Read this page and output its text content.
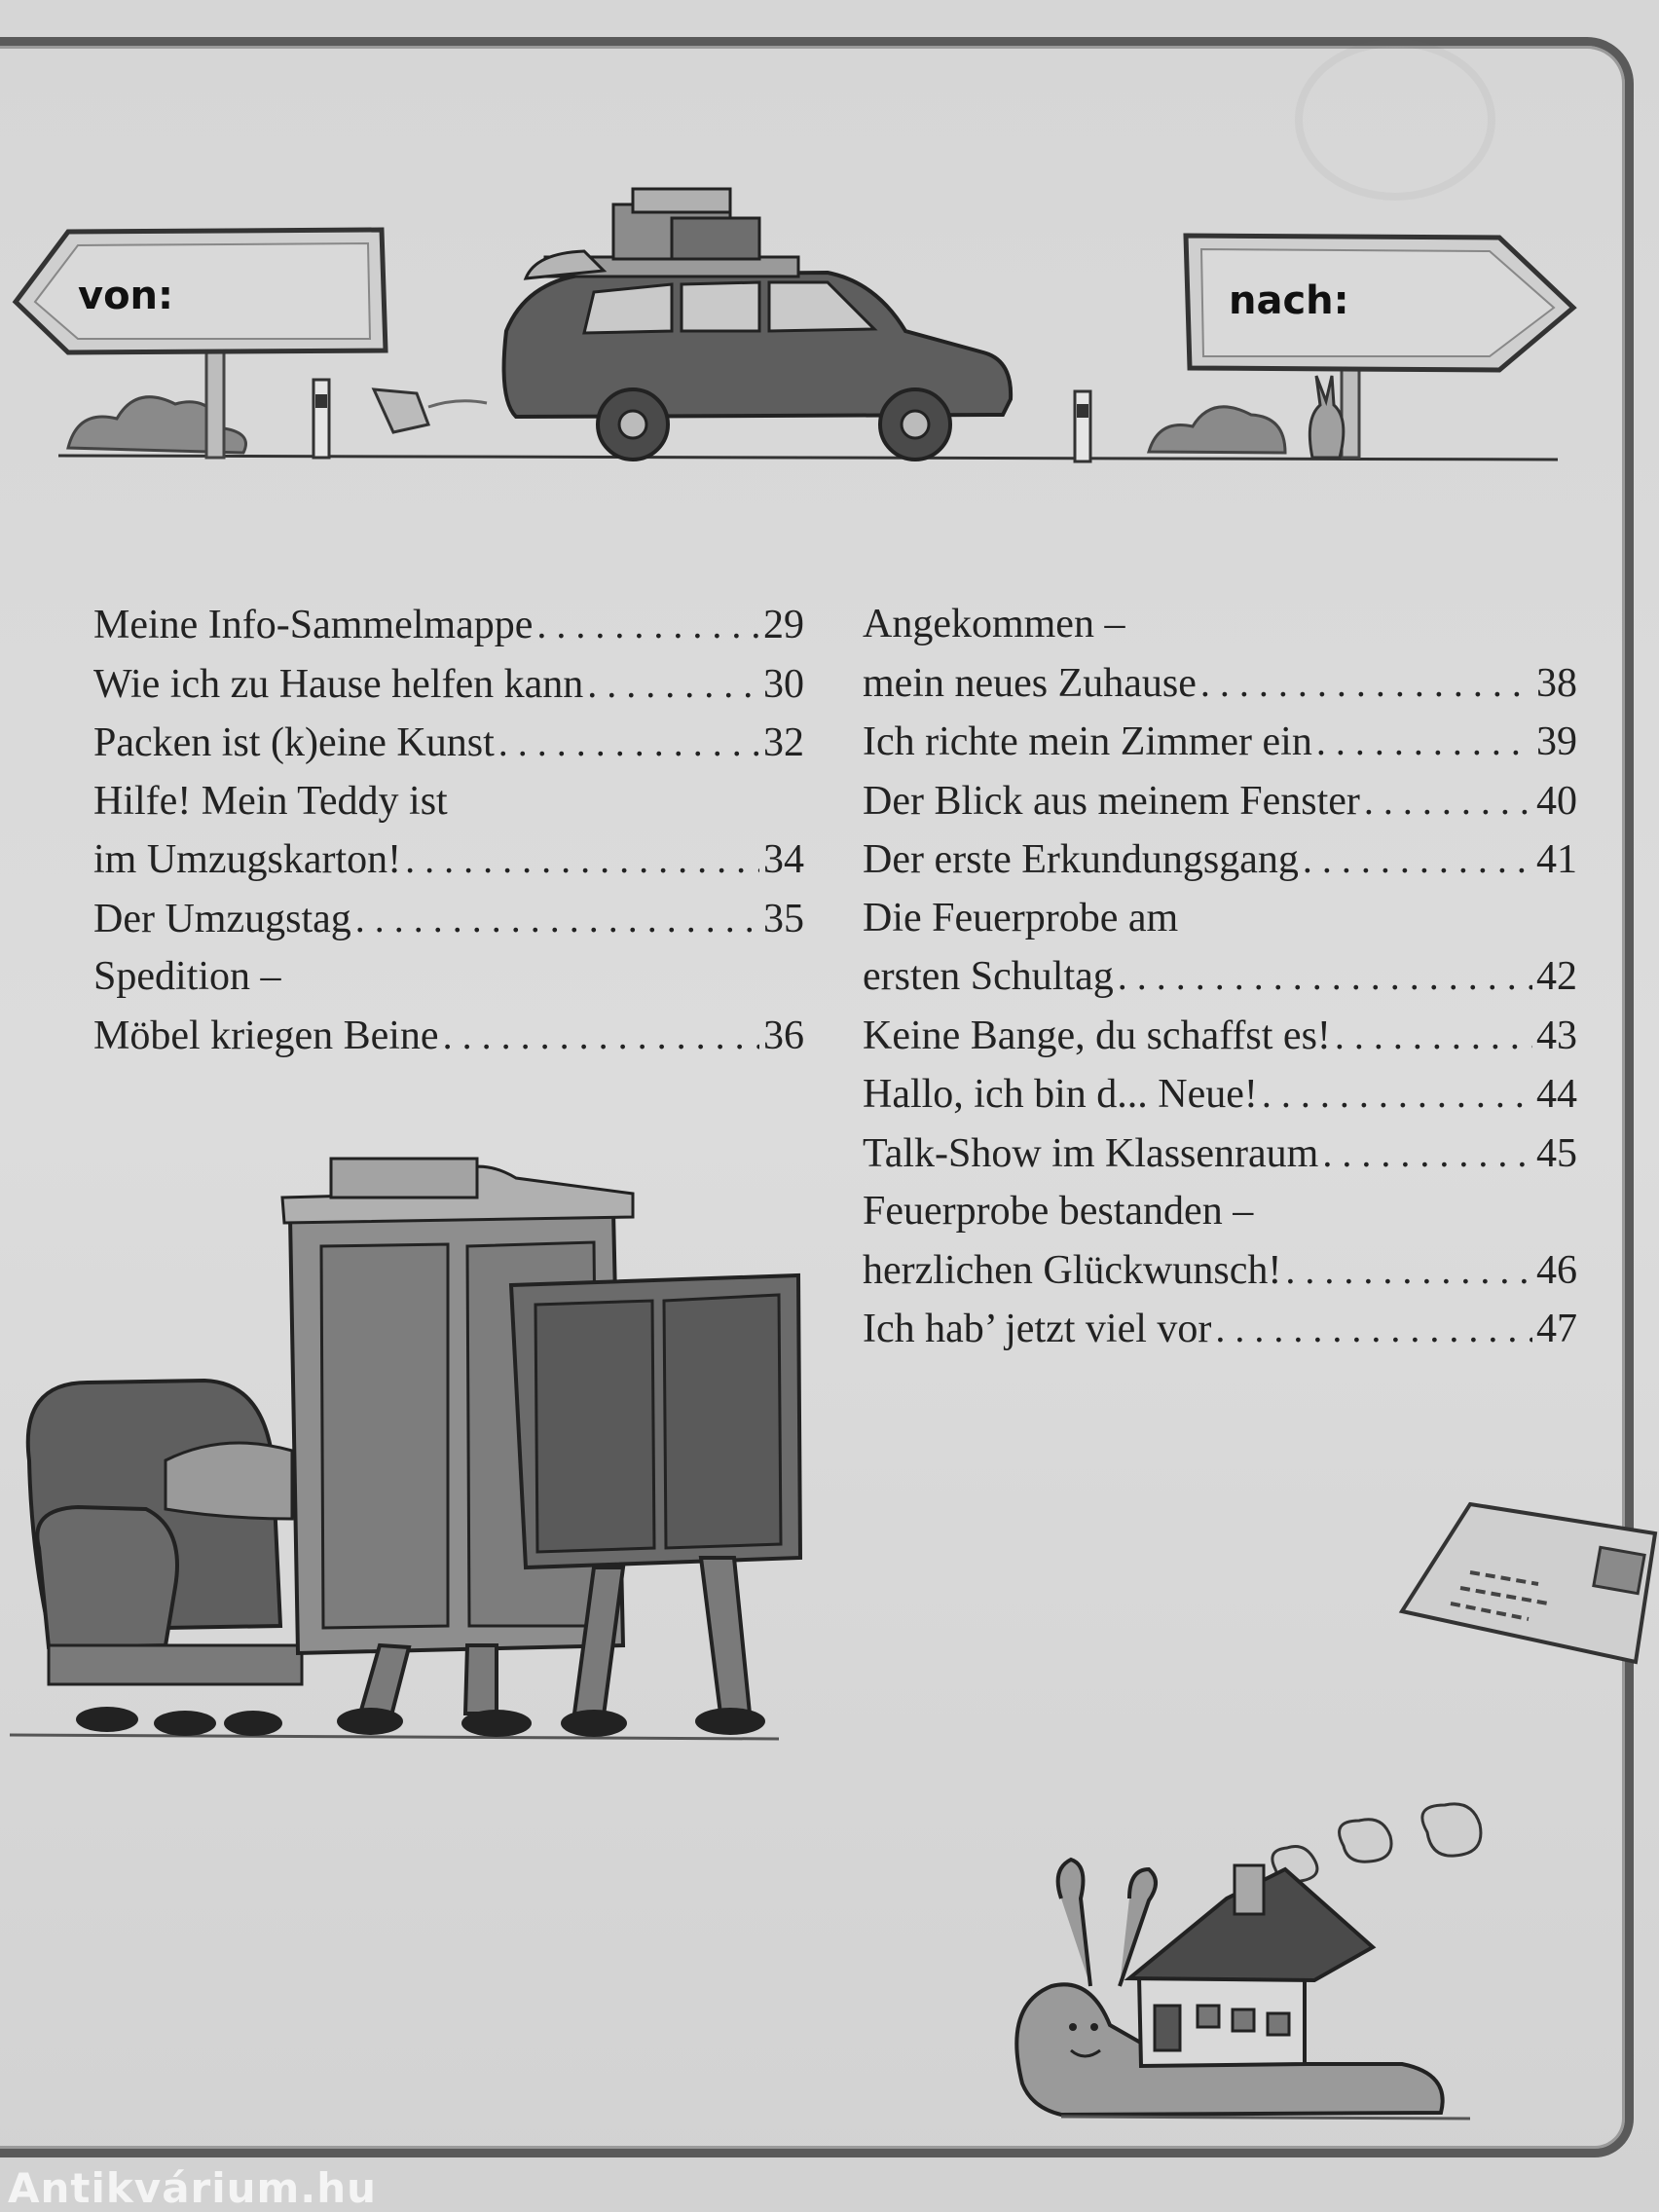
von:	nach:
Meine Info-Sammelmappe . . .	29
Wie ich zu Hause helfen kann . . .	30
Packen ist (k)eine Kunst . . .	32
Hilfe! Mein Teddy ist
im Umzugskarton! . . .	34
Der Umzugstag . . .	35
Spedition –
Möbel kriegen Beine . . .	36
Angekommen –
mein neues Zuhause . . .	38
Ich richte mein Zimmer ein . . .	39
Der Blick aus meinem Fenster . . .	40
Der erste Erkundungsgang . . .	41
Die Feuerprobe am
ersten Schultag . . .	42
Keine Bange, du schaffst es! . . .	43
Hallo, ich bin d... Neue! . . .	44
Talk-Show im Klassenraum . . .	45
Feuerprobe bestanden –
herzlichen Glückwunsch! . . .	46
Ich hab’ jetzt viel vor . . .	47
Antikvárium.hu
